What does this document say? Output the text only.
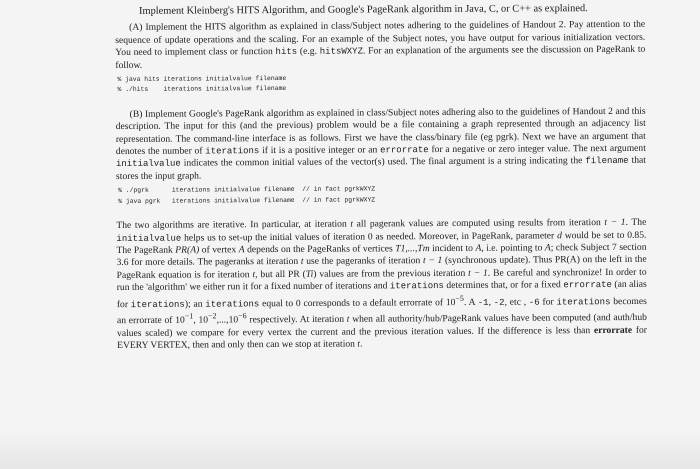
Implement Kleinberg's HITS Algorithm, and Google's PageRank algorithm in Java, C, or C++ as explained.

(A) Implement the HITS algorithm as explained in class/Subject notes adhering to the guidelines of Handout 2. Pay attention to the sequence of update operations and the scaling. For an example of the Subject notes, you have output for various initialization vectors. You need to implement class or function hits (e.g. hitsWXYZ. For an explanation of the arguments see the discussion on PageRank to follow.

% java hits iterations initialvalue filename
% ./hits    iterations initialvalue filename

(B) Implement Google's PageRank algorithm as explained in class/Subject notes adhering also to the guidelines of Handout 2 and this description. The input for this (and the previous) problem would be a file containing a graph represented through an adjacency list representation. The command-line interface is as follows. First we have the class/binary file (eg pgrk). Next we have an argument that denotes the number of iterations if it is a positive integer or an errorrate for a negative or zero integer value. The next argument initialvalue indicates the common initial values of the vector(s) used. The final argument is a string indicating the filename that stores the input graph.

% ./pgrk      iterations initialvalue filename  // in fact pgrkWXYZ
% java pgrk   iterations initialvalue filename  // in fact pgrkWXYZ

The two algorithms are iterative. In particular, at iteration t all pagerank values are computed using results from iteration t − 1. The initialvalue helps us to set-up the initial values of iteration 0 as needed. Moreover, in PageRank, parameter d would be set to 0.85. The PageRank PR(A) of vertex A depends on the PageRanks of vertices T1,...,Tm incident to A, i.e. pointing to A; check Subject 7 section 3.6 for more details. The pageranks at iteration t use the pageranks of iteration t − 1 (synchronous update). Thus PR(A) on the left in the PageRank equation is for iteration t, but all PR (Ti) values are from the previous iteration t − 1. Be careful and synchronize! In order to run the 'algorithm' we either run it for a fixed number of iterations and iterations determines that, or for a fixed errorrate (an alias for iterations); an iterations equal to 0 corresponds to a default errorrate of $10^{-5}$. A -1, -2, etc , -6 for iterations becomes an errorrate of $10^{-1}$, $10^{-2},...,10^{-6}$ respectively. At iteration t when all authority/hub/PageRank values have been computed (and auth/hub values scaled) we compare for every vertex the current and the previous iteration values. If the difference is less than errorrate for EVERY VERTEX, then and only then can we stop at iteration t.
